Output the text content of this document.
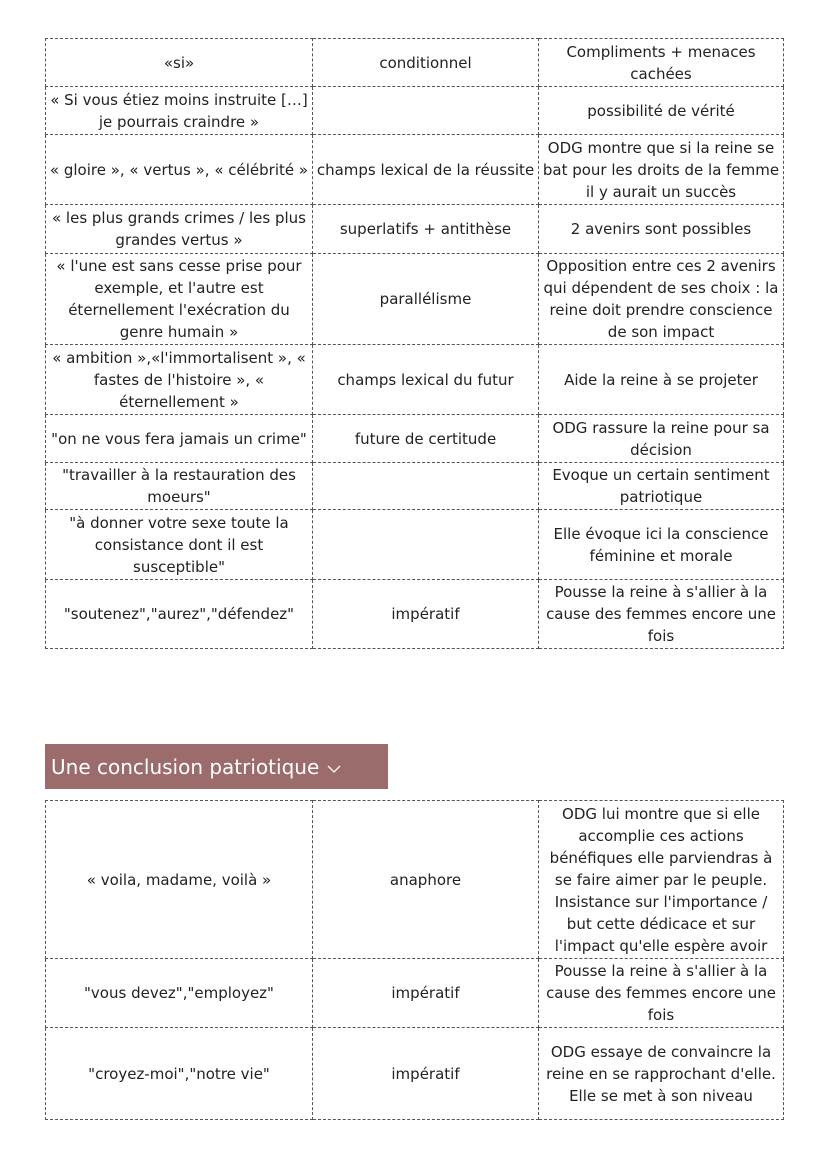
«si»	conditionnel	Compliments + menaces cachées
« Si vous étiez moins instruite […] je pourrais craindre »		possibilité de vérité
« gloire », « vertus », « célébrité »	champs lexical de la réussite	ODG montre que si la reine se bat pour les droits de la femme il y aurait un succès
« les plus grands crimes / les plus grandes vertus »	superlatifs + antithèse	2 avenirs sont possibles
« l'une est sans cesse prise pour exemple, et l'autre est éternellement l'exécration du genre humain »	parallélisme	Opposition entre ces 2 avenirs qui dépendent de ses choix : la reine doit prendre conscience de son impact
« ambition »,«l'immortalisent », « fastes de l'histoire », « éternellement »	champs lexical du futur	Aide la reine à se projeter
"on ne vous fera jamais un crime"	future de certitude	ODG rassure la reine pour sa décision
"travailler à la restauration des moeurs"		Evoque un certain sentiment patriotique
"à donner votre sexe toute la consistance dont il est susceptible"		Elle évoque ici la conscience féminine et morale
"soutenez","aurez","défendez"	impératif	Pousse la reine à s'allier à la cause des femmes encore une fois
Une conclusion patriotique
« voila, madame, voilà »	anaphore	ODG lui montre que si elle accomplie ces actions bénéfiques elle parviendras à se faire aimer par le peuple. Insistance sur l'importance / but cette dédicace et sur l'impact qu'elle espère avoir
"vous devez","employez"	impératif	Pousse la reine à s'allier à la cause des femmes encore une fois
"croyez-moi","notre vie"	impératif	ODG essaye de convaincre la reine en se rapprochant d'elle. Elle se met à son niveau
